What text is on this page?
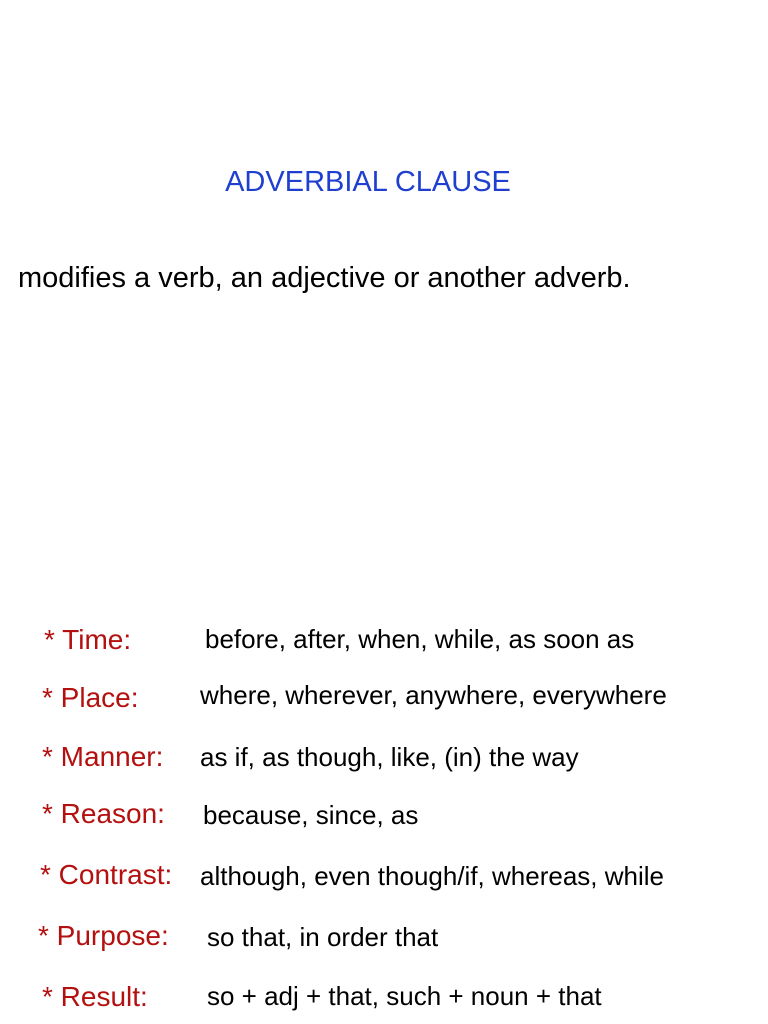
ADVERBIAL CLAUSE
modifies a verb, an adjective or another adverb.
* Time:	before, after, when, while, as soon as
* Place: where, wherever, anywhere, everywhere
* Manner: as if, as though, like, (in) the way
* Reason: because, since, as
* Contrast: although, even though/if, whereas, while
* Purpose: so that, in order that
* Result: so + adj + that, such + noun + that
